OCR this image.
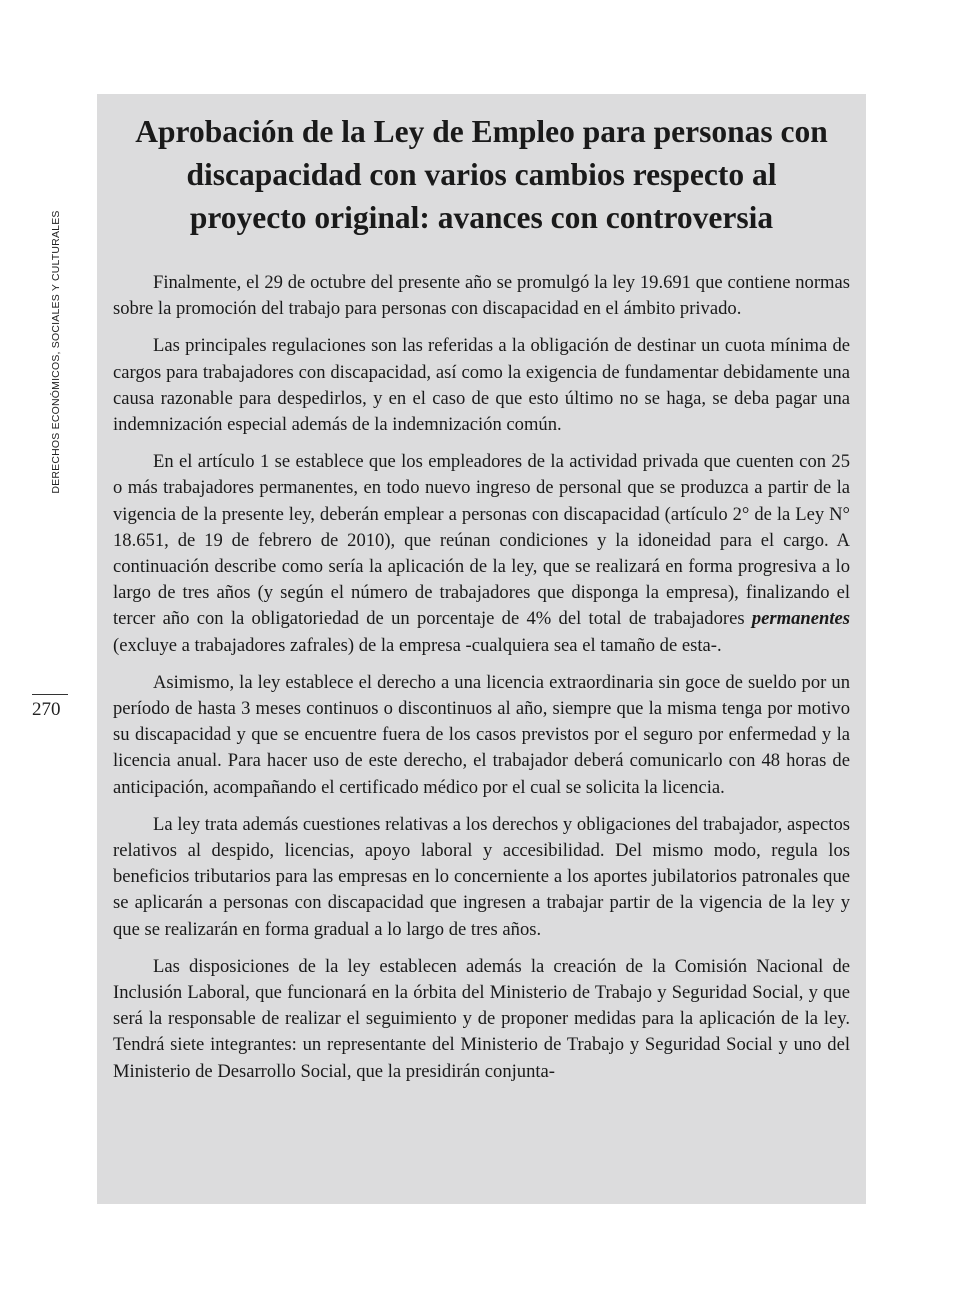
DERECHOS ECONÓMICOS, SOCIALES Y CULTURALES
270
Aprobación de la Ley de Empleo para personas con discapacidad con varios cambios respecto al proyecto original: avances con controversia

Finalmente, el 29 de octubre del presente año se promulgó la ley 19.691 que contiene normas sobre la promoción del trabajo para personas con discapacidad en el ámbito privado.

Las principales regulaciones son las referidas a la obligación de destinar un cuota mínima de cargos para trabajadores con discapacidad, así como la exigencia de fundamentar debidamente una causa razonable para despedirlos, y en el caso de que esto último no se haga, se deba pagar una indemnización especial además de la indemnización común.

En el artículo 1 se establece que los empleadores de la actividad privada que cuenten con 25 o más trabajadores permanentes, en todo nuevo ingreso de personal que se produzca a partir de la vigencia de la presente ley, deberán emplear a personas con discapacidad (artículo 2° de la Ley N° 18.651, de 19 de febrero de 2010), que reúnan condiciones y la idoneidad para el cargo. A continuación describe como sería la aplicación de la ley, que se realizará en forma progresiva a lo largo de tres años (y según el número de trabajadores que disponga la empresa), finalizando el tercer año con la obligatoriedad de un porcentaje de 4% del total de trabajadores permanentes (excluye a trabajadores zafrales) de la empresa -cualquiera sea el tamaño de esta-.

Asimismo, la ley establece el derecho a una licencia extraordinaria sin goce de sueldo por un período de hasta 3 meses continuos o discontinuos al año, siempre que la misma tenga por motivo su discapacidad y que se encuentre fuera de los casos previstos por el seguro por enfermedad y la licencia anual. Para hacer uso de este derecho, el trabajador deberá comunicarlo con 48 horas de anticipación, acompañando el certificado médico por el cual se solicita la licencia.

La ley trata además cuestiones relativas a los derechos y obligaciones del trabajador, aspectos relativos al despido, licencias, apoyo laboral y accesibilidad. Del mismo modo, regula los beneficios tributarios para las empresas en lo concerniente a los aportes jubilatorios patronales que se aplicarán a personas con discapacidad que ingresen a trabajar partir de la vigencia de la ley y que se realizarán en forma gradual a lo largo de tres años.

Las disposiciones de la ley establecen además la creación de la Comisión Nacional de Inclusión Laboral, que funcionará en la órbita del Ministerio de Trabajo y Seguridad Social, y que será la responsable de realizar el seguimiento y de proponer medidas para la aplicación de la ley. Tendrá siete integrantes: un representante del Ministerio de Trabajo y Seguridad Social y uno del Ministerio de Desarrollo Social, que la presidirán conjunta-
